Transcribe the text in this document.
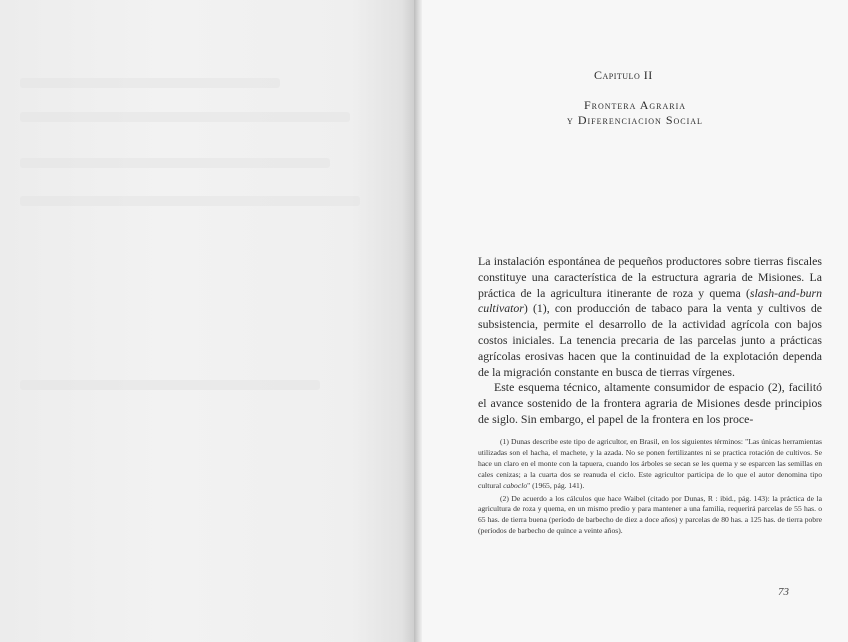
Capitulo II
Frontera Agraria
y Diferenciacion Social

La instalación espontánea de pequeños productores sobre tierras fiscales constituye una característica de la estructura agraria de Misiones. La práctica de la agricultura itinerante de roza y quema (slash-and-burn cultivator) (1), con producción de tabaco para la venta y cultivos de subsistencia, permite el desarrollo de la actividad agrícola con bajos costos iniciales. La tenencia precaria de las parcelas junto a prácticas agrícolas erosivas hacen que la continuidad de la explotación dependa de la migración constante en busca de tierras vírgenes.

Este esquema técnico, altamente consumidor de espacio (2), facilitó el avance sostenido de la frontera agraria de Misiones desde principios de siglo. Sin embargo, el papel de la frontera en los proce-

(1) Dunas describe este tipo de agricultor, en Brasil, en los siguientes términos: "Las únicas herramientas utilizadas son el hacha, el machete, y la azada. No se ponen fertilizantes ni se practica rotación de cultivos. Se hace un claro en el monte con la tapuera, cuando los árboles se secan se les quema y se esparcen las semillas en cales cenizas; a la cuarta dos se reanuda el ciclo. Este agricultor participa de lo que el autor denomina tipo cultural caboclo" (1965, pág. 141).

(2) De acuerdo a los cálculos que hace Waibel (citado por Dunas, R : ibid., pág. 143): la práctica de la agricultura de roza y quema, en un mismo predio y para mantener a una familia, requerirá parcelas de 55 has. o 65 has. de tierra buena (período de barbecho de diez a doce años) y parcelas de 80 has. a 125 has. de tierra pobre (períodos de barbecho de quince a veinte años).

73
